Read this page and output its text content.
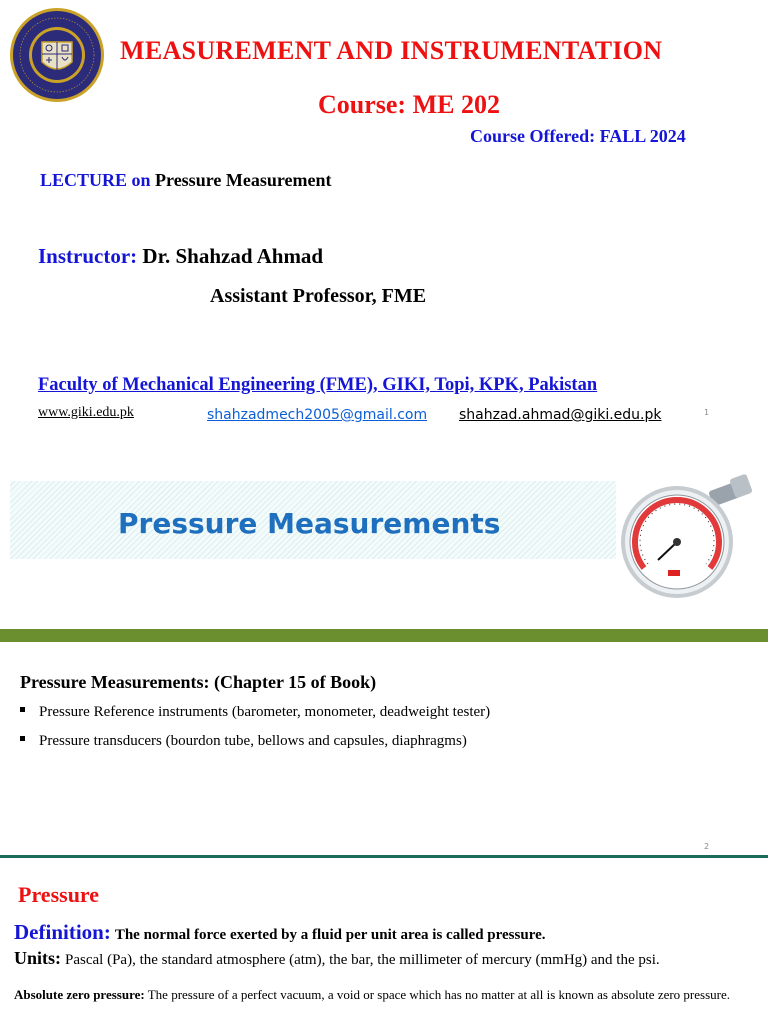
MEASUREMENT AND INSTRUMENTATION
Course: ME 202
Course Offered: FALL 2024
LECTURE on Pressure Measurement
Instructor: Dr. Shahzad Ahmad
Assistant Professor, FME
Faculty of Mechanical Engineering (FME), GIKI, Topi, KPK, Pakistan
www.giki.edu.pk	shahzadmech2005@gmail.com shahzad.ahmad@giki.edu.pk	1
Pressure Measurements
Pressure Measurements: (Chapter 15 of Book)
Pressure Reference instruments (barometer, monometer, deadweight tester)
Pressure transducers (bourdon tube, bellows and capsules, diaphragms)
2
Pressure
Definition: The normal force exerted by a fluid per unit area is called pressure.
Units: Pascal (Pa), the standard atmosphere (atm), the bar, the millimeter of mercury (mmHg) and the psi.
Absolute zero pressure: The pressure of a perfect vacuum, a void or space which has no matter at all is known as absolute zero pressure.
